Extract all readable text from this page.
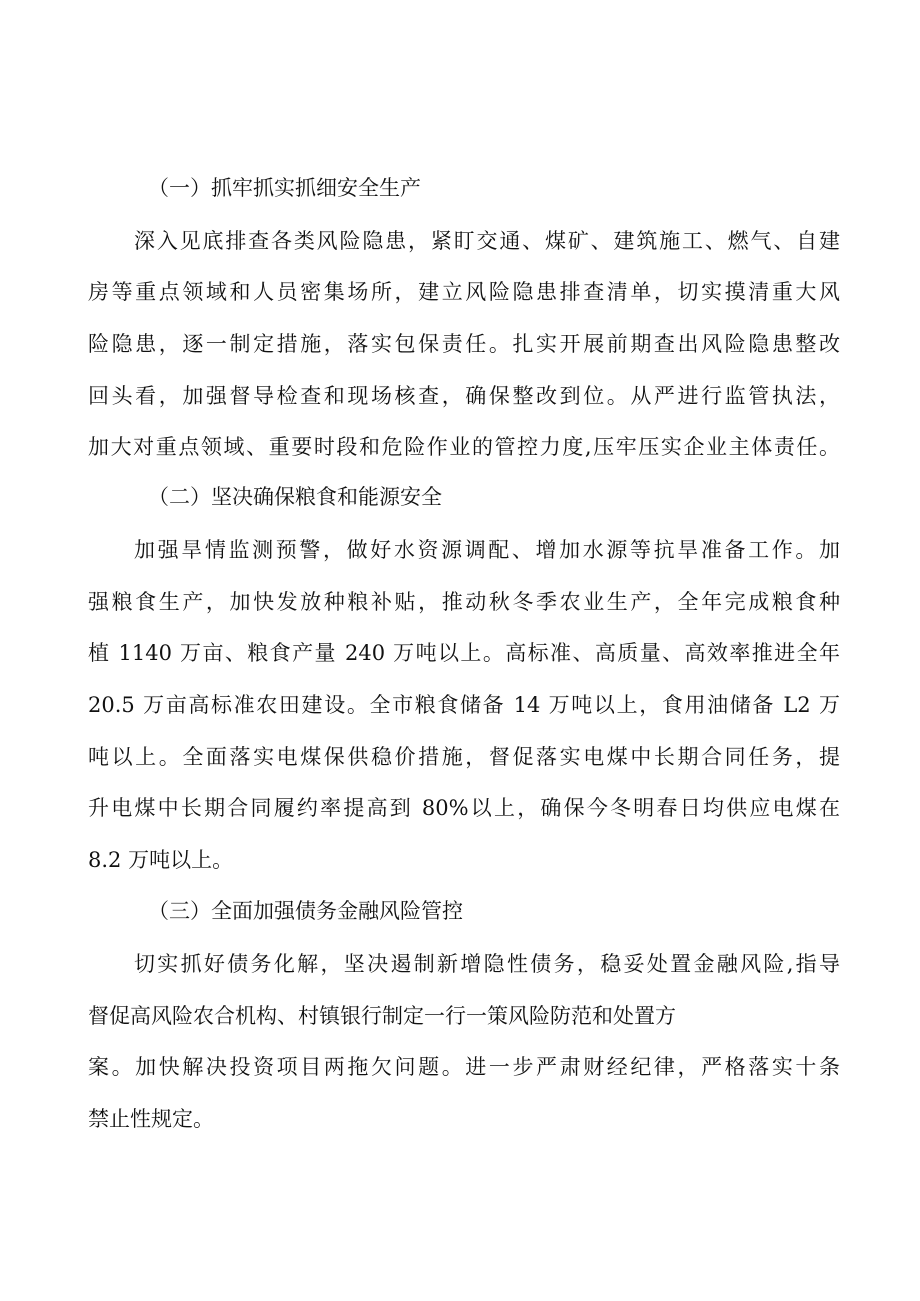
（一）抓牢抓实抓细安全生产
深入见底排查各类风险隐患，紧盯交通、煤矿、建筑施工、燃气、自建
房等重点领域和人员密集场所，建立风险隐患排查清单，切实摸清重大风
险隐患，逐一制定措施，落实包保责任。扎实开展前期查出风险隐患整改
回头看，加强督导检查和现场核查，确保整改到位。从严进行监管执法，
加大对重点领域、重要时段和危险作业的管控力度,压牢压实企业主体责任。
（二）坚决确保粮食和能源安全
加强旱情监测预警，做好水资源调配、增加水源等抗旱准备工作。加
强粮食生产，加快发放种粮补贴，推动秋冬季农业生产，全年完成粮食种
植 1140 万亩、粮食产量 240 万吨以上。高标准、高质量、高效率推进全年
20.5 万亩高标准农田建设。全市粮食储备 14 万吨以上，食用油储备 L2 万
吨以上。全面落实电煤保供稳价措施，督促落实电煤中长期合同任务，提
升电煤中长期合同履约率提高到 80%以上，确保今冬明春日均供应电煤在
8.2 万吨以上。
（三）全面加强债务金融风险管控
切实抓好债务化解，坚决遏制新增隐性债务，稳妥处置金融风险,指导
督促高风险农合机构、村镇银行制定一行一策风险防范和处置方
案。加快解决投资项目两拖欠问题。进一步严肃财经纪律，严格落实十条
禁止性规定。
